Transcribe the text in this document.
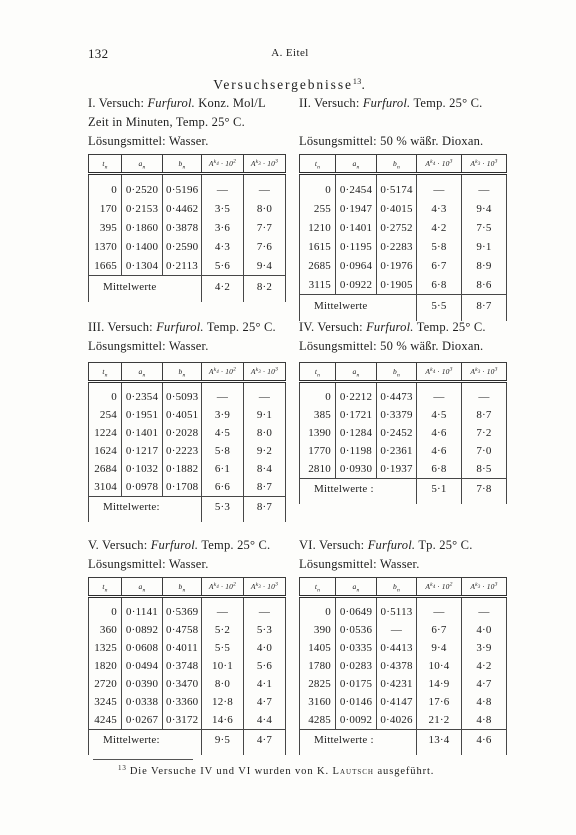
132	A. Eitel
Versuchsergebnisse$^{13}$.
I. Versuch: Furfurol. Konz. Mol/L
Zeit in Minuten, Temp. 25° C.
Lösungsmittel: Wasser.
$t_n$	$a_n$	$b_n$	$A^{k_4} \cdot 10^2$	$A^{k_3} \cdot 10^3$
0	0·2520	0·5196	—	—
170	0·2153	0·4462	3·5	8·0
395	0·1860	0·3878	3·6	7·7
1370	0·1400	0·2590	4·3	7·6
1665	0·1304	0·2113	5·6	9·4
Mittelwerte			4·2	8·2
II. Versuch: Furfurol. Temp. 25° C.
Lösungsmittel: 50 % wäßr. Dioxan.
$t_n$	$a_n$	$b_n$	$A^{k_4} \cdot 10^3$	$A^{k_3} \cdot 10^3$
0	0·2454	0·5174	—	—
255	0·1947	0·4015	4·3	9·4
1210	0·1401	0·2752	4·2	7·5
1615	0·1195	0·2283	5·8	9·1
2685	0·0964	0·1976	6·7	8·9
3115	0·0922	0·1905	6·8	8·6
Mittelwerte			5·5	8·7
III. Versuch: Furfurol. Temp. 25° C.
Lösungsmittel: Wasser.
$t_n$	$a_n$	$b_n$	$A^{k_4} \cdot 10^2$	$A^{k_3} \cdot 10^3$
0	0·2354	0·5093	—	—
254	0·1951	0·4051	3·9	9·1
1224	0·1401	0·2028	4·5	8·0
1624	0·1217	0·2223	5·8	9·2
2684	0·1032	0·1882	6·1	8·4
3104	0·0978	0·1708	6·6	8·7
Mittelwerte:			5·3	8·7
IV. Versuch: Furfurol. Temp. 25° C.
Lösungsmittel: 50 % wäßr. Dioxan.
$t_n$	$a_n$	$b_n$	$A^{k_4} \cdot 10^3$	$A^{k_3} \cdot 10^3$
0	0·2212	0·4473	—	—
385	0·1721	0·3379	4·5	8·7
1390	0·1284	0·2452	4·6	7·2
1770	0·1198	0·2361	4·6	7·0
2810	0·0930	0·1937	6·8	8·5
Mittelwerte :			5·1	7·8
V. Versuch: Furfurol. Temp. 25° C.
Lösungsmittel: Wasser.
$t_n$	$a_n$	$b_n$	$A^{k_4} \cdot 10^2$	$A^{k_3} \cdot 10^3$
0	0·1141	0·5369	—	—
360	0·0892	0·4758	5·2	5·3
1325	0·0608	0·4011	5·5	4·0
1820	0·0494	0·3748	10·1	5·6
2720	0·0390	0·3470	8·0	4·1
3245	0·0338	0·3360	12·8	4·7
4245	0·0267	0·3172	14·6	4·4
Mittelwerte:			9·5	4·7
VI. Versuch: Furfurol. Tp. 25° C.
Lösungsmittel: Wasser.
$t_n$	$a_n$	$b_n$	$A^{k_4} \cdot 10^2$	$A^{k_3} \cdot 10^3$
0	0·0649	0·5113	—	—
390	0·0536	—	6·7	4·0
1405	0·0335	0·4413	9·4	3·9
1780	0·0283	0·4378	10·4	4·2
2825	0·0175	0·4231	14·9	4·7
3160	0·0146	0·4147	17·6	4·8
4285	0·0092	0·4026	21·2	4·8
Mittelwerte :			13·4	4·6
$^{13}$ Die Versuche IV und VI wurden von K. Lautsch ausgeführt.
